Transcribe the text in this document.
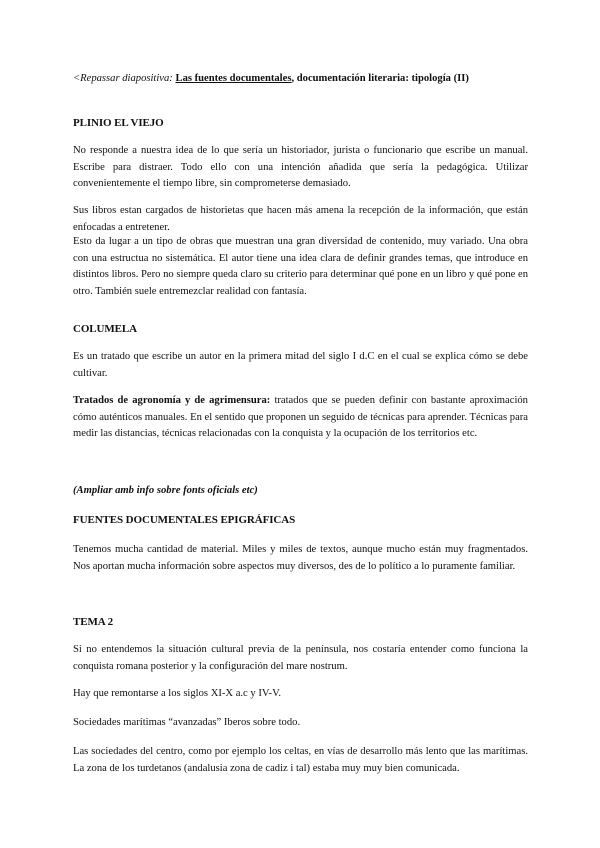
<Repassar diapositiva: Las fuentes documentales, documentación literaria: tipología (II)

PLINIO EL VIEJO

No responde a nuestra idea de lo que sería un historiador, jurista o funcionario que escribe un manual. Escribe para distraer. Todo ello con una intención añadida que sería la pedagógica. Utilizar convenientemente el tiempo libre, sin comprometerse demasiado.

Sus libros estan cargados de historietas que hacen más amena la recepción de la información, que están enfocadas a entretener.

Esto da lugar a un tipo de obras que muestran una gran diversidad de contenido, muy variado. Una obra con una estructua no sistemática. El autor tiene una idea clara de definir grandes temas, que introduce en distintos libros. Pero no siempre queda claro su criterio para determinar qué pone en un libro y qué pone en otro. También suele entremezclar realidad con fantasía.

COLUMELA

Es un tratado que escribe un autor en la primera mitad del siglo I d.C en el cual se explica cómo se debe cultivar.

Tratados de agronomía y de agrimensura: tratados que se pueden definir con bastante aproximación cómo auténticos manuales. En el sentido que proponen un seguido de técnicas para aprender. Técnicas para medir las distancias, técnicas relacionadas con la conquista y la ocupación de los territorios etc.

(Ampliar amb info sobre fonts oficials etc)

FUENTES DOCUMENTALES EPIGRÁFICAS

Tenemos mucha cantidad de material. Miles y miles de textos, aunque mucho están muy fragmentados. Nos aportan mucha información sobre aspectos muy diversos, des de lo político a lo puramente familiar.

TEMA 2

Si no entendemos la situación cultural previa de la península, nos costaría entender como funciona la conquista romana posterior y la configuración del mare nostrum.

Hay que remontarse a los siglos XI-X a.c y IV-V.

Sociedades marítimas “avanzadas” Iberos sobre todo.

Las sociedades del centro, como por ejemplo los celtas, en vías de desarrollo más lento que las marítimas. La zona de los turdetanos (andalusia zona de cadiz i tal) estaba muy muy bien comunicada.
